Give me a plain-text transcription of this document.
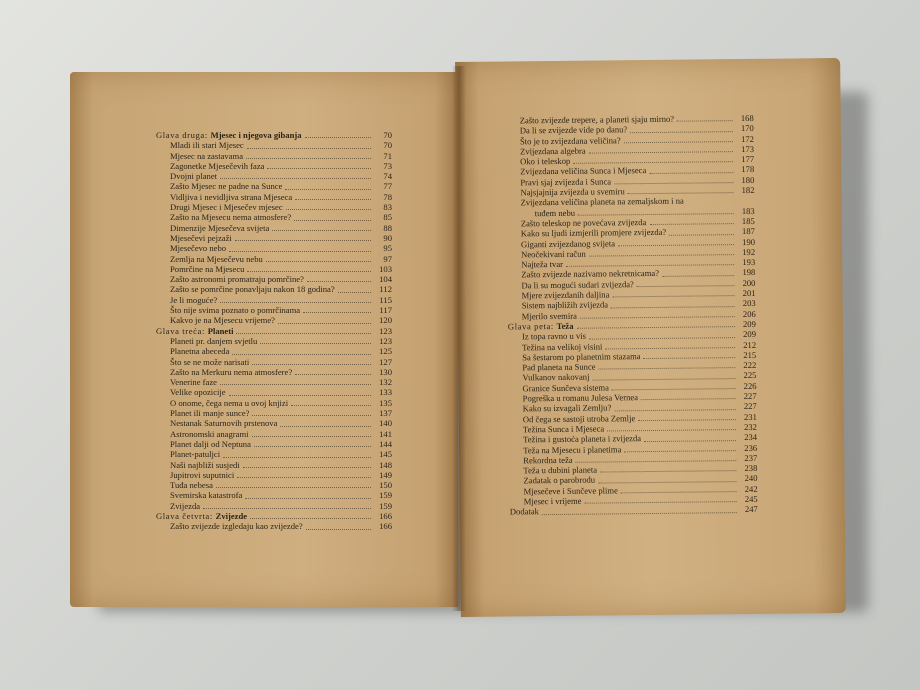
Glava druga: Mjesec i njegova gibanja	70
Mladi ili stari Mjesec	70
Mjesec na zastavama	71
Zagonetke Mjesečevih faza	73
Dvojni planet	74
Zašto Mjesec ne padne na Sunce	77
Vidljiva i nevidljiva strana Mjeseca	78
Drugi Mjesec i Mjesečev mjesec	83
Zašto na Mjesecu nema atmosfere?	85
Dimenzije Mjesečeva svijeta	88
Mjesečevi pejzaži	90
Mjesečevo nebo	95
Zemlja na Mjesečevu nebu	97
Pomrčine na Mjesecu	103
Zašto astronomi promatraju pomrčine?	104
Zašto se pomrčine ponavljaju nakon 18 godina?	112
Je li moguće?	115
Što nije svima poznato o pomrčinama	117
Kakvo je na Mjesecu vrijeme?	120
Glava treća: Planeti	123
Planeti pr. danjem svjetlu	123
Planetna abeceda	125
Što se ne može narisati	127
Zašto na Merkuru nema atmosfere?	130
Venerine faze	132
Velike opozicije	133
O onome, čega nema u ovoj knjizi	135
Planet ili manje sunce?	137
Nestanak Saturnovih prstenova	140
Astronomski anagrami	141
Planet dalji od Neptuna	144
Planet-patuljci	145
Naši najbliži susjedi	148
Jupitrovi suputnici	149
Tuđa nebesa	150
Svemirska katastrofa	159
Zvijezda	159
Glava četvrta: Zvijezde	166
Zašto zvijezde izgledaju kao zvijezde?	166
Zašto zvijezde trepere, a planeti sjaju mirno?	168
Da li se zvijezde vide po danu?	170
Što je to zvijezdana veličina?	172
Zvijezdana algebra	173
Oko i teleskop	177
Zvijezdana veličina Sunca i Mjeseca	178
Pravi sjaj zvijezda i Sunca	180
Najsjajnija zvijezda u svemiru	182
Zvijezdana veličina planeta na zemaljskom i na
tuđem nebu	183
Zašto teleskop ne povećava zvijezda	185
Kako su ljudi izmjerili promjere zvijezda?	187
Giganti zvijezdanog svijeta	190
Neočekivani račun	192
Najteža tvar	193
Zašto zvijezde nazivamo nekretnicama?	198
Da li su mogući sudari zvijezda?	200
Mjere zvijezdanih daljina	201
Sistem najbližih zvijezda	203
Mjerilo svemira	206
Glava peta: Teža	209
Iz topa ravno u vis	209
Težina na velikoj visini	212
Sa šestarom po planetnim stazama	215
Pad planeta na Sunce	222
Vulkanov nakovanj	225
Granice Sunčeva sistema	226
Pogreška u romanu Julesa Vernea	227
Kako su izvagali Zemlju?	227
Od čega se sastoji utroba Zemlje	231
Težina Sunca i Mjeseca	232
Težina i gustoća planeta i zvijezda	234
Teža na Mjesecu i planetima	236
Rekordna teža	237
Teža u dubini planeta	238
Zadatak o parobrodu	240
Mjesečeve i Sunčeve plime	242
Mjesec i vrijeme	245
Dodatak	247
